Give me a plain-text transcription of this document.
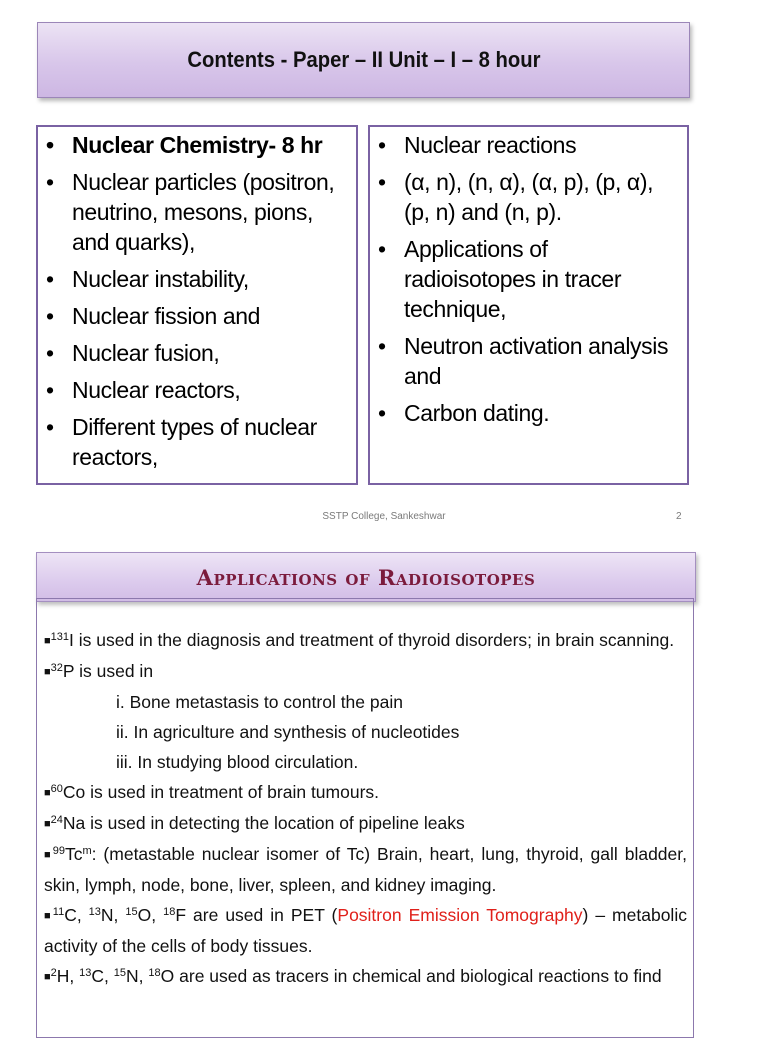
Contents - Paper – II Unit – I – 8 hour
• Nuclear Chemistry- 8 hr
• Nuclear particles (positron, neutrino, mesons, pions, and quarks),
• Nuclear instability,
• Nuclear fission and
• Nuclear fusion,
• Nuclear reactors,
• Different types of nuclear reactors,
• Nuclear reactions
• (α, n), (n, α), (α, p), (p, α), (p, n) and (n, p).
• Applications of radioisotopes in tracer technique,
• Neutron activation analysis and
• Carbon dating.
SSTP College, Sankeshwar	2
Applications of Radioisotopes
■$^{131}$I is used in the diagnosis and treatment of thyroid disorders; in brain scanning.
■$^{32}$P is used in
i. Bone metastasis to control the pain
ii. In agriculture and synthesis of nucleotides
iii. In studying blood circulation.
■$^{60}$Co is used in treatment of brain tumours.
■$^{24}$Na is used in detecting the location of pipeline leaks
■$^{99}$Tc$^m$: (metastable nuclear isomer of Tc) Brain, heart, lung, thyroid, gall bladder, skin, lymph, node, bone, liver, spleen, and kidney imaging.
■$^{11}$C, $^{13}$N, $^{15}$O, $^{18}$F are used in PET (Positron Emission Tomography) – metabolic activity of the cells of body tissues.
■$^2$H, $^{13}$C, $^{15}$N, $^{18}$O are used as tracers in chemical and biological reactions to find
